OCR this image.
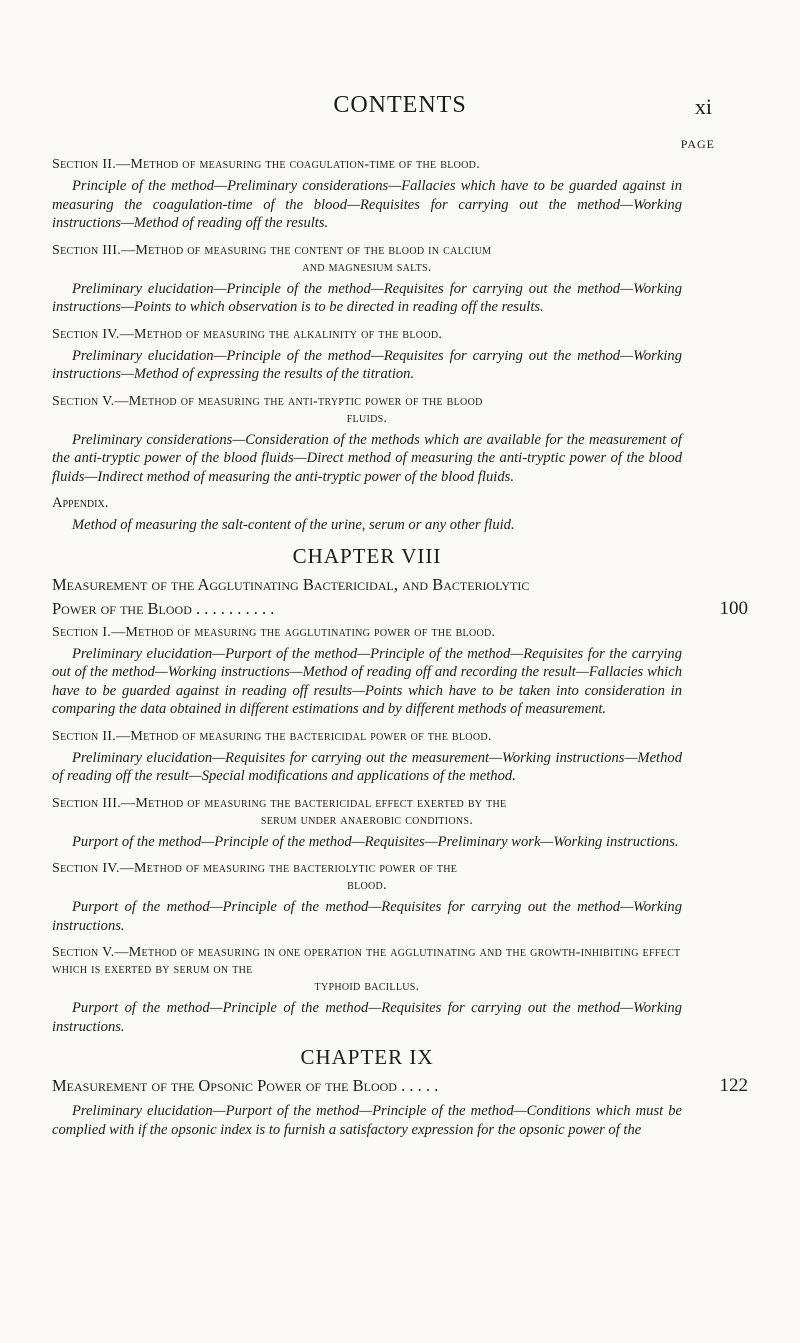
CONTENTS	xi
PAGE

Section II.—Method of measuring the coagulation-time of the blood.

Principle of the method—Preliminary considerations—Fallacies which have to be guarded against in measuring the coagulation-time of the blood—Requisites for carrying out the method—Working instructions—Method of reading off the results.

Section III.—Method of measuring the content of the blood in calcium
and magnesium salts.

Preliminary elucidation—Principle of the method—Requisites for carrying out the method—Working instructions—Points to which observation is to be directed in reading off the results.

Section IV.—Method of measuring the alkalinity of the blood.

Preliminary elucidation—Principle of the method—Requisites for carrying out the method—Working instructions—Method of expressing the results of the titration.

Section V.—Method of measuring the anti-tryptic power of the blood
fluids.

Preliminary considerations—Consideration of the methods which are available for the measurement of the anti-tryptic power of the blood fluids—Direct method of measuring the anti-tryptic power of the blood fluids—Indirect method of measuring the anti-tryptic power of the blood fluids.

Appendix.

Method of measuring the salt-content of the urine, serum or any other fluid.

CHAPTER VIII
Measurement of the Agglutinating Bactericidal, and Bacteriolytic
Power of the Blood . . . . . . . . . .	100

Section I.—Method of measuring the agglutinating power of the blood.

Preliminary elucidation—Purport of the method—Principle of the method—Requisites for the carrying out of the method—Working instructions—Method of reading off and recording the result—Fallacies which have to be guarded against in reading off results—Points which have to be taken into consideration in comparing the data obtained in different estimations and by different methods of measurement.

Section II.—Method of measuring the bactericidal power of the blood.

Preliminary elucidation—Requisites for carrying out the measurement—Working instructions—Method of reading off the result—Special modifications and applications of the method.

Section III.—Method of measuring the bactericidal effect exerted by the
serum under anaerobic conditions.

Purport of the method—Principle of the method—Requisites—Preliminary work—Working instructions.

Section IV.—Method of measuring the bacteriolytic power of the
blood.

Purport of the method—Principle of the method—Requisites for carrying out the method—Working instructions.

Section V.—Method of measuring in one operation the agglutinating and the growth-inhibiting effect which is exerted by serum on the
typhoid bacillus.

Purport of the method—Principle of the method—Requisites for carrying out the method—Working instructions.

CHAPTER IX
Measurement of the Opsonic Power of the Blood . . . . .	122

Preliminary elucidation—Purport of the method—Principle of the method—Conditions which must be complied with if the opsonic index is to furnish a satisfactory expression for the opsonic power of the
